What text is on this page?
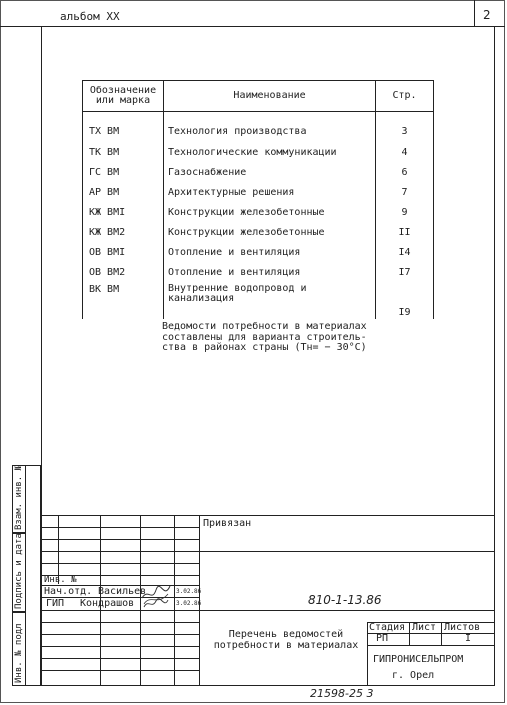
альбом XX	2
Обозначение или марка	Наименование	Стр.
ТХ ВМ	Технология производства	3
ТК ВМ	Технологические коммуникации	4
ГС ВМ	Газоснабжение	6
АР ВМ	Архитектурные решения	7
КЖ ВМI	Конструкции железобетонные	9
КЖ ВМ2	Конструкции железобетонные	II
ОВ ВМI	Отопление и вентиляция	I4
ОВ ВМ2	Отопление и вентиляция	I7
ВК ВМ	Внутренние водопровод и канализация	I9
Ведомости потребности в материалах
составлены для варианта строитель-
ства в районах страны (Тн= − 30°С)
Привязан
Инв. №
Нач.отд. Васильев	3.02.86
ГИП Кондрашов	3.02.86	810-1-13.86
Перечень ведомостей
потребности в материалах
Стадия Лист Листов
РП	I
ГИПРОНИСЕЛЬПРОМ
г. Орел
21598-25 3
Взам. инв. №
Подпись и дата
Инв. № подл
